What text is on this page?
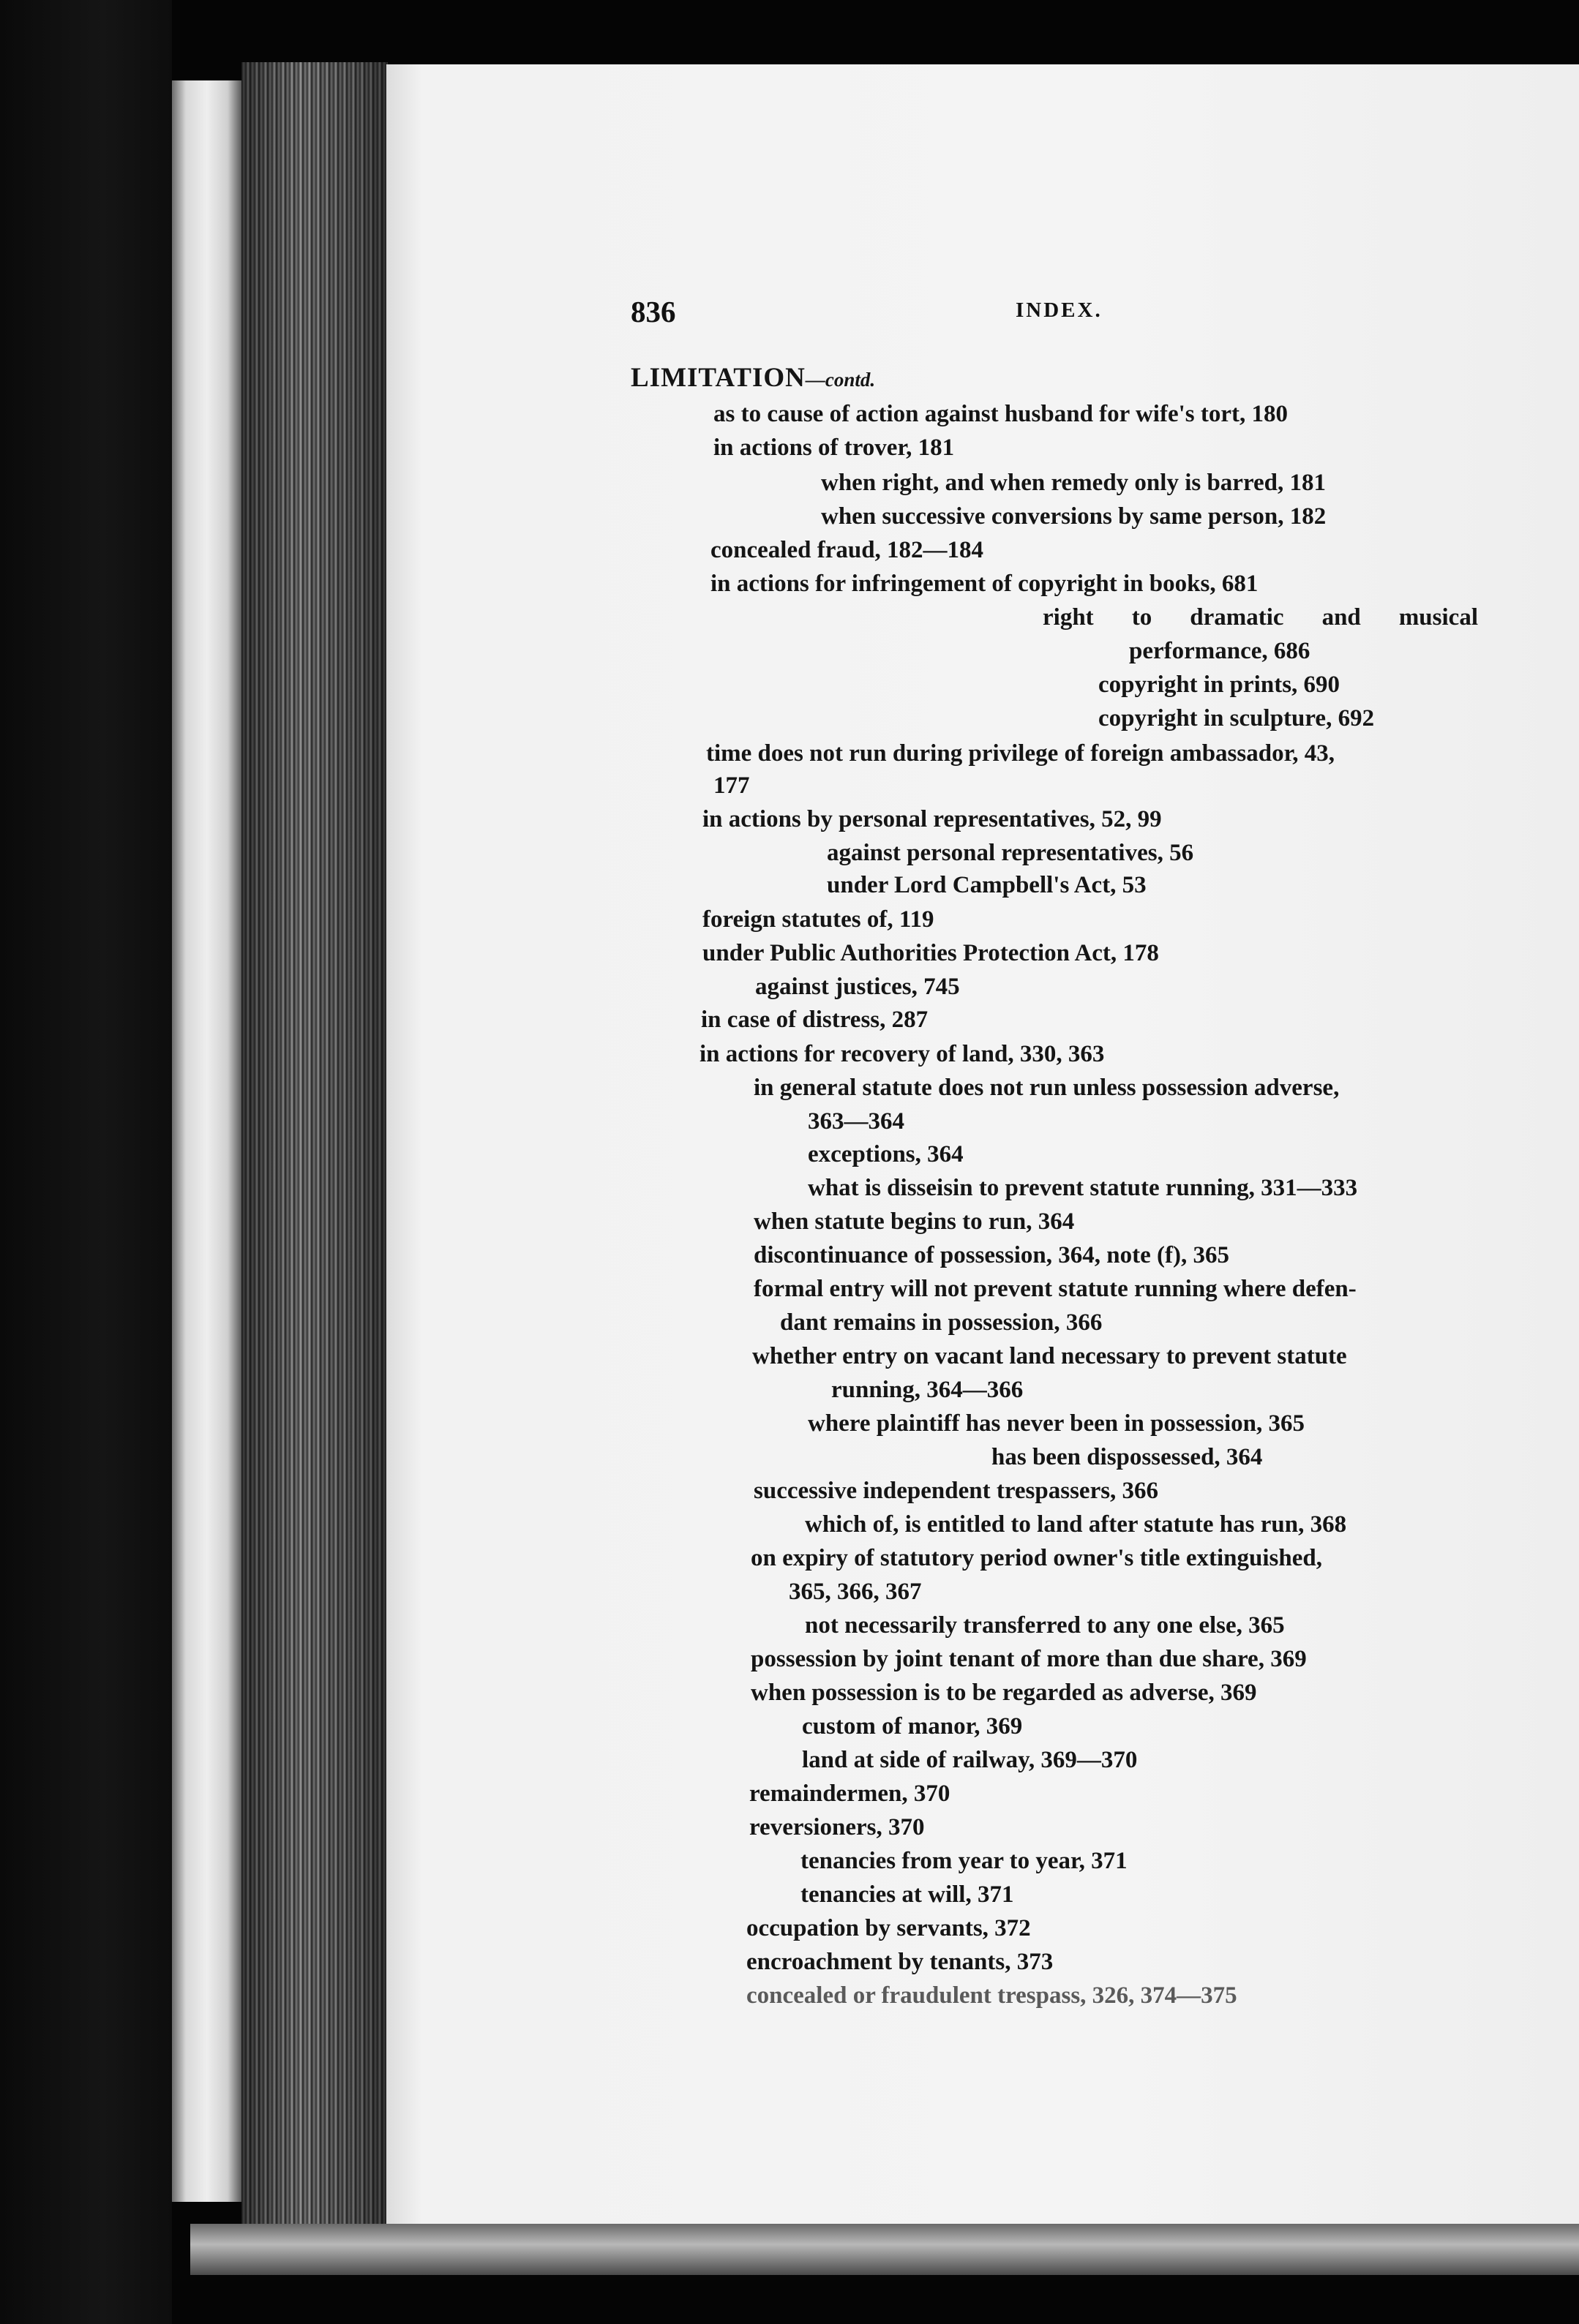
836	INDEX.
LIMITATION—contd.
as to cause of action against husband for wife's tort, 180
in actions of trover, 181
when right, and when remedy only is barred, 181
when successive conversions by same person, 182
concealed fraud, 182—184
in actions for infringement of copyright in books, 681
right to dramatic and musical
performance, 686
copyright in prints, 690
copyright in sculpture, 692
time does not run during privilege of foreign ambassador, 43,
177
in actions by personal representatives, 52, 99
against personal representatives, 56
under Lord Campbell's Act, 53
foreign statutes of, 119
under Public Authorities Protection Act, 178
against justices, 745
in case of distress, 287
in actions for recovery of land, 330, 363
in general statute does not run unless possession adverse,
363—364
exceptions, 364
what is disseisin to prevent statute running, 331—333
when statute begins to run, 364
discontinuance of possession, 364, note (f), 365
formal entry will not prevent statute running where defen-
dant remains in possession, 366
whether entry on vacant land necessary to prevent statute
running, 364—366
where plaintiff has never been in possession, 365
has been dispossessed, 364
successive independent trespassers, 366
which of, is entitled to land after statute has run, 368
on expiry of statutory period owner's title extinguished,
365, 366, 367
not necessarily transferred to any one else, 365
possession by joint tenant of more than due share, 369
when possession is to be regarded as adverse, 369
custom of manor, 369
land at side of railway, 369—370
remaindermen, 370
reversioners, 370
tenancies from year to year, 371
tenancies at will, 371
occupation by servants, 372
encroachment by tenants, 373
concealed or fraudulent trespass, 326, 374—375
